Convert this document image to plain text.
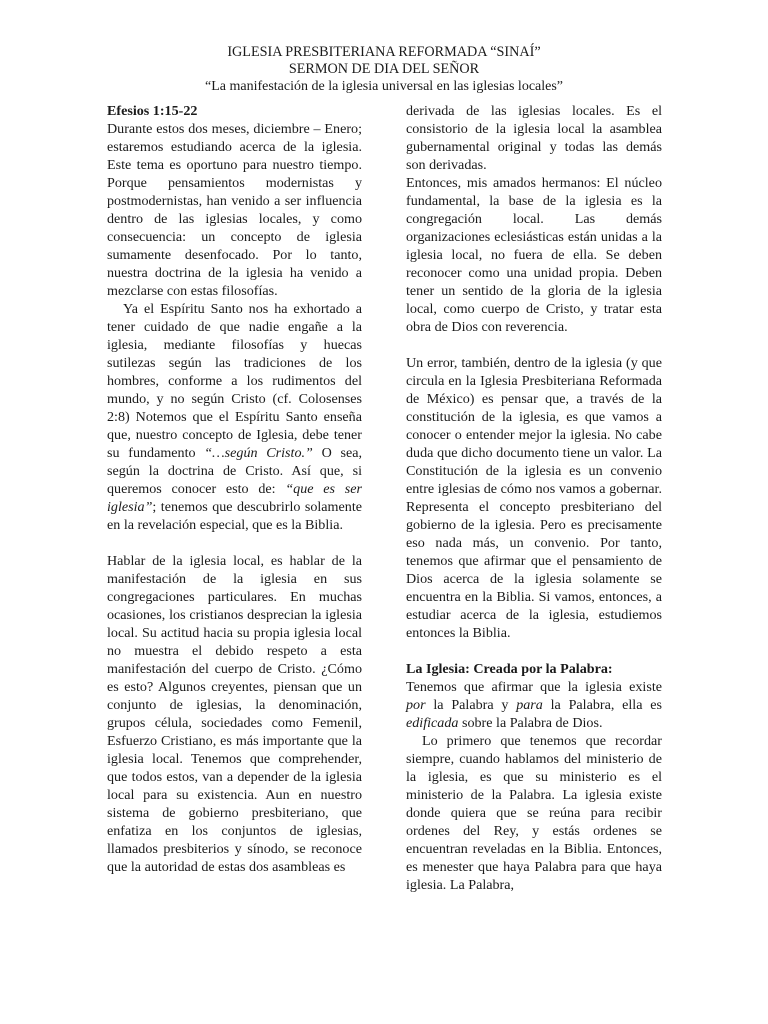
IGLESIA PRESBITERIANA REFORMADA “SINAÍ”
SERMON DE DIA DEL SEÑOR
“La manifestación de la iglesia universal en las iglesias locales”

Efesios 1:15-22

Durante estos dos meses, diciembre – Enero; estaremos estudiando acerca de la iglesia. Este tema es oportuno para nuestro tiempo. Porque pensamientos modernistas y postmodernistas, han venido a ser influencia dentro de las iglesias locales, y como consecuencia: un concepto de iglesia sumamente desenfocado. Por lo tanto, nuestra doctrina de la iglesia ha venido a mezclarse con estas filosofías.

Ya el Espíritu Santo nos ha exhortado a tener cuidado de que nadie engañe a la iglesia, mediante filosofías y huecas sutilezas según las tradiciones de los hombres, conforme a los rudimentos del mundo, y no según Cristo (cf. Colosenses 2:8) Notemos que el Espíritu Santo enseña que, nuestro concepto de Iglesia, debe tener su fundamento “…según Cristo.” O sea, según la doctrina de Cristo. Así que, si queremos conocer esto de: “que es ser iglesia”; tenemos que descubrirlo solamente en la revelación especial, que es la Biblia.

Hablar de la iglesia local, es hablar de la manifestación de la iglesia en sus congregaciones particulares. En muchas ocasiones, los cristianos desprecian la iglesia local. Su actitud hacia su propia iglesia local no muestra el debido respeto a esta manifestación del cuerpo de Cristo. ¿Cómo es esto? Algunos creyentes, piensan que un conjunto de iglesias, la denominación, grupos célula, sociedades como Femenil, Esfuerzo Cristiano, es más importante que la iglesia local. Tenemos que comprehender, que todos estos, van a depender de la iglesia local para su existencia. Aun en nuestro sistema de gobierno presbiteriano, que enfatiza en los conjuntos de iglesias, llamados presbiterios y sínodo, se reconoce que la autoridad de estas dos asambleas es

derivada de las iglesias locales. Es el consistorio de la iglesia local la asamblea gubernamental original y todas las demás son derivadas.

Entonces, mis amados hermanos: El núcleo fundamental, la base de la iglesia es la congregación local. Las demás organizaciones eclesiásticas están unidas a la iglesia local, no fuera de ella. Se deben reconocer como una unidad propia. Deben tener un sentido de la gloria de la iglesia local, como cuerpo de Cristo, y tratar esta obra de Dios con reverencia.

Un error, también, dentro de la iglesia (y que circula en la Iglesia Presbiteriana Reformada de México) es pensar que, a través de la constitución de la iglesia, es que vamos a conocer o entender mejor la iglesia. No cabe duda que dicho documento tiene un valor. La Constitución de la iglesia es un convenio entre iglesias de cómo nos vamos a gobernar. Representa el concepto presbiteriano del gobierno de la iglesia. Pero es precisamente eso nada más, un convenio. Por tanto, tenemos que afirmar que el pensamiento de Dios acerca de la iglesia solamente se encuentra en la Biblia. Si vamos, entonces, a estudiar acerca de la iglesia, estudiemos entonces la Biblia.

La Iglesia: Creada por la Palabra:

Tenemos que afirmar que la iglesia existe por la Palabra y para la Palabra, ella es edificada sobre la Palabra de Dios.

Lo primero que tenemos que recordar siempre, cuando hablamos del ministerio de la iglesia, es que su ministerio es el ministerio de la Palabra. La iglesia existe donde quiera que se reúna para recibir ordenes del Rey, y estás ordenes se encuentran reveladas en la Biblia. Entonces, es menester que haya Palabra para que haya iglesia. La Palabra,
